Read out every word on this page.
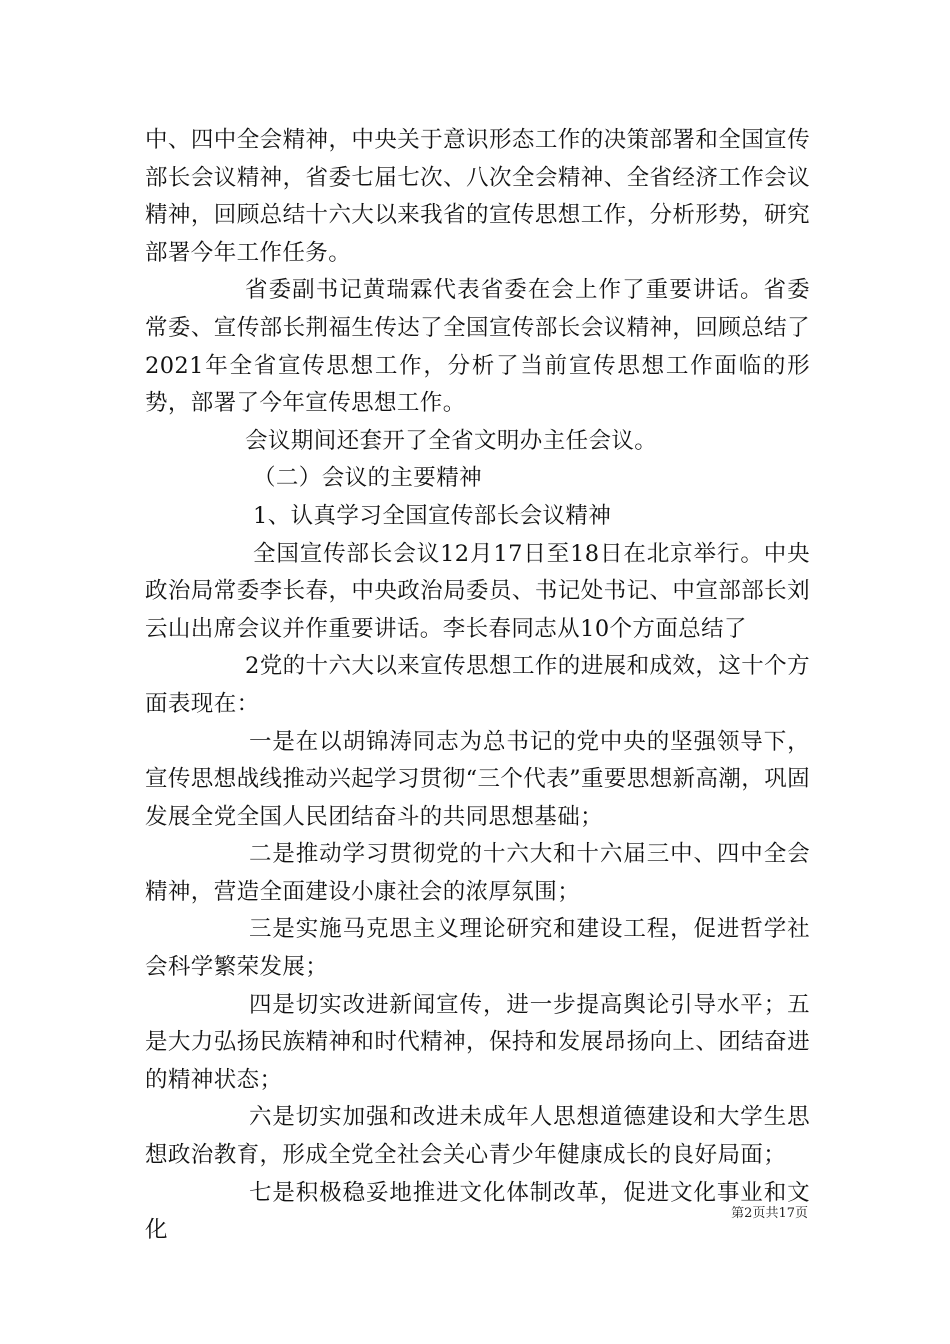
中、四中全会精神，中央关于意识形态工作的决策部署和全国宣传部长会议精神，省委七届七次、八次全会精神、全省经济工作会议精神，回顾总结十六大以来我省的宣传思想工作，分析形势，研究部署今年工作任务。

省委副书记黄瑞霖代表省委在会上作了重要讲话。省委常委、宣传部长荆福生传达了全国宣传部长会议精神，回顾总结了2021年全省宣传思想工作，分析了当前宣传思想工作面临的形势，部署了今年宣传思想工作。

会议期间还套开了全省文明办主任会议。

（二）会议的主要精神

1、认真学习全国宣传部长会议精神

全国宣传部长会议12月17日至18日在北京举行。中央政治局常委李长春，中央政治局委员、书记处书记、中宣部部长刘云山出席会议并作重要讲话。李长春同志从10个方面总结了

2党的十六大以来宣传思想工作的进展和成效，这十个方面表现在：

一是在以胡锦涛同志为总书记的党中央的坚强领导下，宣传思想战线推动兴起学习贯彻“三个代表”重要思想新高潮，巩固发展全党全国人民团结奋斗的共同思想基础；

二是推动学习贯彻党的十六大和十六届三中、四中全会精神，营造全面建设小康社会的浓厚氛围；

三是实施马克思主义理论研究和建设工程，促进哲学社会科学繁荣发展；

四是切实改进新闻宣传，进一步提高舆论引导水平；五是大力弘扬民族精神和时代精神，保持和发展昂扬向上、团结奋进的精神状态；

六是切实加强和改进未成年人思想道德建设和大学生思想政治教育，形成全党全社会关心青少年健康成长的良好局面；

七是积极稳妥地推进文化体制改革，促进文化事业和文化

第2页共17页
